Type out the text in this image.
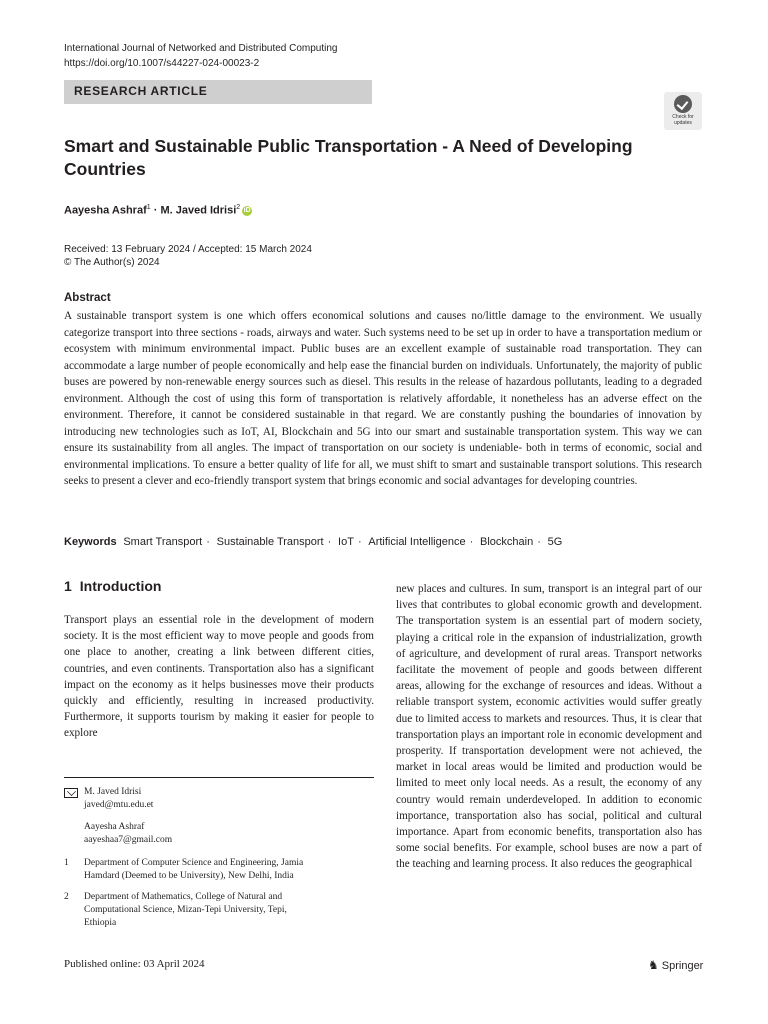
International Journal of Networked and Distributed Computing
https://doi.org/10.1007/s44227-024-00023-2
RESEARCH ARTICLE
Check for
updates
Smart and Sustainable Public Transportation - A Need of Developing Countries
Aayesha Ashraf$^1$ · M. Javed Idrisi$^2$ iD
Received: 13 February 2024 / Accepted: 15 March 2024
© The Author(s) 2024
Abstract
A sustainable transport system is one which offers economical solutions and causes no/little damage to the environment. We usually categorize transport into three sections - roads, airways and water. Such systems need to be set up in order to have a transportation medium or ecosystem with minimum environmental impact. Public buses are an excellent example of sustainable road transportation. They can accommodate a large number of people economically and help ease the financial burden on individuals. Unfortunately, the majority of public buses are powered by non-renewable energy sources such as diesel. This results in the release of hazardous pollutants, leading to a degraded environment. Although the cost of using this form of transportation is relatively affordable, it nonetheless has an adverse effect on the environment. Therefore, it cannot be considered sustainable in that regard. We are constantly pushing the boundaries of innovation by introducing new technologies such as IoT, AI, Blockchain and 5G into our smart and sustainable transportation system. This way we can ensure its sustainability from all angles. The impact of transportation on our society is undeniable- both in terms of economic, social and environmental implications. To ensure a better quality of life for all, we must shift to smart and sustainable transport solutions. This research seeks to present a clever and eco-friendly transport system that brings economic and social advantages for developing countries.
Keywords Smart Transport · Sustainable Transport · IoT · Artificial Intelligence · Blockchain · 5G
1 Introduction
Transport plays an essential role in the development of modern society. It is the most efficient way to move people and goods from one place to another, creating a link between different cities, countries, and even continents. Transportation also has a significant impact on the economy as it helps businesses move their products quickly and efficiently, resulting in increased productivity. Furthermore, it supports tourism by making it easier for people to explore
new places and cultures. In sum, transport is an integral part of our lives that contributes to global economic growth and development. The transportation system is an essential part of modern society, playing a critical role in the expansion of industrialization, growth of agriculture, and development of rural areas. Transport networks facilitate the movement of people and goods between different areas, allowing for the exchange of resources and ideas. Without a reliable transport system, economic activities would suffer greatly due to limited access to markets and resources. Thus, it is clear that transportation plays an important role in economic development and prosperity. If transportation development were not achieved, the market in local areas would be limited and production would be limited to meet only local needs. As a result, the economy of any country would remain underdeveloped. In addition to economic importance, transportation also has social, political and cultural importance. Apart from economic benefits, transportation also has some social benefits. For example, school buses are now a part of the teaching and learning process. It also reduces the geographical
M. Javed Idrisi
javed@mtu.edu.et
Aayesha Ashraf
aayeshaa7@gmail.com
1 Department of Computer Science and Engineering, Jamia
Hamdard (Deemed to be University), New Delhi, India
2 Department of Mathematics, College of Natural and
Computational Science, Mizan-Tepi University, Tepi,
Ethiopia
Published online: 03 April 2024	♞ Springer
